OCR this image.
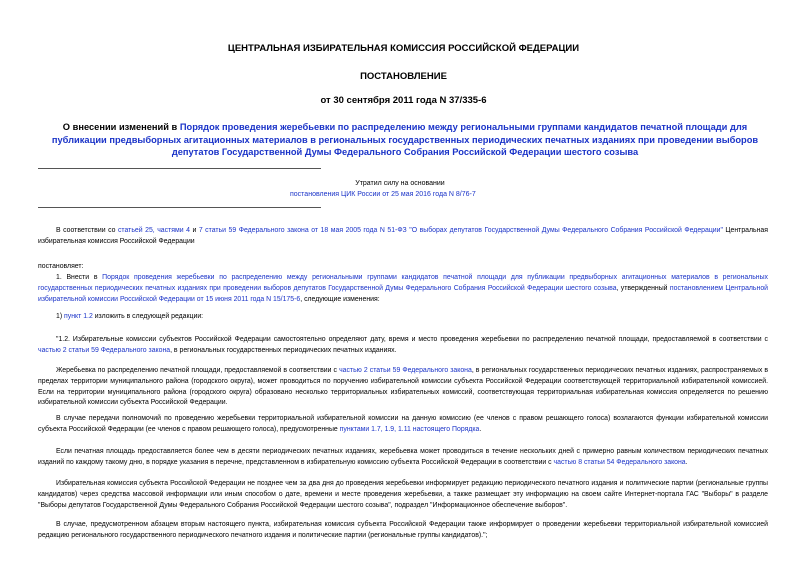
ЦЕНТРАЛЬНАЯ ИЗБИРАТЕЛЬНАЯ КОМИССИЯ РОССИЙСКОЙ ФЕДЕРАЦИИ
ПОСТАНОВЛЕНИЕ
от 30 сентября 2011 года N 37/335-6
О внесении изменений в Порядок проведения жеребьевки по распределению между региональными группами кандидатов печатной площади для публикации предвыборных агитационных материалов в региональных государственных периодических печатных изданиях при проведении выборов депутатов Государственной Думы Федерального Собрания Российской Федерации шестого созыва
Утратил силу на основании
постановления ЦИК России от 25 мая 2016 года N 8/76-7
В соответствии со статьей 25, частями 4 и 7 статьи 59 Федерального закона от 18 мая 2005 года N 51-ФЗ "О выборах депутатов Государственной Думы Федерального Собрания Российской Федерации" Центральная избирательная комиссия Российской Федерации
постановляет:
1. Внести в Порядок проведения жеребьевки по распределению между региональными группами кандидатов печатной площади для публикации предвыборных агитационных материалов в региональных государственных периодических печатных изданиях при проведении выборов депутатов Государственной Думы Федерального Собрания Российской Федерации шестого созыва, утвержденный постановлением Центральной избирательной комиссии Российской Федерации от 15 июня 2011 года N 15/175-6, следующие изменения:
1) пункт 1.2 изложить в следующей редакции:
"1.2. Избирательные комиссии субъектов Российской Федерации самостоятельно определяют дату, время и место проведения жеребьевки по распределению печатной площади, предоставляемой в соответствии с частью 2 статьи 59 Федерального закона, в региональных государственных периодических печатных изданиях.
Жеребьевка по распределению печатной площади, предоставляемой в соответствии с частью 2 статьи 59 Федерального закона, в региональных государственных периодических печатных изданиях, распространяемых в пределах территории муниципального района (городского округа), может проводиться по поручению избирательной комиссии субъекта Российской Федерации соответствующей территориальной избирательной комиссией. Если на территории муниципального района (городского округа) образовано несколько территориальных избирательных комиссий, соответствующая территориальная избирательная комиссия определяется по решению избирательной комиссии субъекта Российской Федерации.
В случае передачи полномочий по проведению жеребьевки территориальной избирательной комиссии на данную комиссию (ее членов с правом решающего голоса) возлагаются функции избирательной комиссии субъекта Российской Федерации (ее членов с правом решающего голоса), предусмотренные пунктами 1.7, 1.9, 1.11 настоящего Порядка.
Если печатная площадь предоставляется более чем в десяти периодических печатных изданиях, жеребьевка может проводиться в течение нескольких дней с примерно равным количеством периодических печатных изданий по каждому такому дню, в порядке указания в перечне, представленном в избирательную комиссию субъекта Российской Федерации в соответствии с частью 8 статьи 54 Федерального закона.
Избирательная комиссия субъекта Российской Федерации не позднее чем за два дня до проведения жеребьевки информирует редакцию периодического печатного издания и политические партии (региональные группы кандидатов) через средства массовой информации или иным способом о дате, времени и месте проведения жеребьевки, а также размещает эту информацию на своем сайте Интернет-портала ГАС "Выборы" в разделе "Выборы депутатов Государственной Думы Федерального Собрания Российской Федерации шестого созыва", подраздел "Информационное обеспечение выборов".
В случае, предусмотренном абзацем вторым настоящего пункта, избирательная комиссия субъекта Российской Федерации также информирует о проведении жеребьевки территориальной избирательной комиссией редакцию регионального государственного периодического печатного издания и политические партии (региональные группы кандидатов).";
